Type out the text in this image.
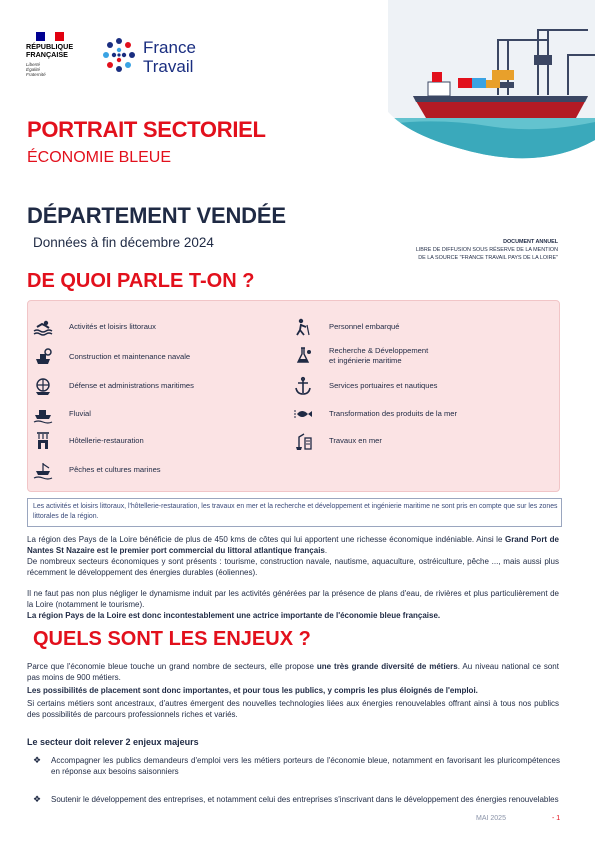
RÉPUBLIQUE
FRANÇAISE
Liberté
Égalité
Fraternité
France
Travail
PORTRAIT SECTORIEL
ÉCONOMIE BLEUE
DÉPARTEMENT VENDÉE
Données à fin décembre 2024	DOCUMENT ANNUEL
LIBRE DE DIFFUSION SOUS RÉSERVE DE LA MENTION
DE LA SOURCE "FRANCE TRAVAIL PAYS DE LA LOIRE"
DE QUOI PARLE T-ON ?
Activités et loisirs littoraux
Construction et maintenance navale
Défense et administrations maritimes
Fluvial
Hôtellerie-restauration
Pêches et cultures marines
Personnel embarqué
Recherche & Développement
et ingénierie maritime
Services portuaires et nautiques
Transformation des produits de la mer
Travaux en mer
Les activités et loisirs littoraux, l'hôtellerie-restauration, les travaux en mer et la recherche et développement et ingénierie maritime ne sont pris en compte que sur les zones littorales de la région.
La région des Pays de la Loire bénéficie de plus de 450 kms de côtes qui lui apportent une richesse économique indéniable. Ainsi le Grand Port de Nantes St Nazaire est le premier port commercial du littoral atlantique français.
De nombreux secteurs économiques y sont présents : tourisme, construction navale, nautisme, aquaculture, ostréiculture, pêche ..., mais aussi plus récemment le développement des énergies durables (éoliennes).
Il ne faut pas non plus négliger le dynamisme induit par les activités générées par la présence de plans d'eau, de rivières et plus particulièrement de la Loire (notamment le tourisme).
La région Pays de la Loire est donc incontestablement une actrice importante de l'économie bleue française.
QUELS SONT LES ENJEUX ?
Parce que l'économie bleue touche un grand nombre de secteurs, elle propose une très grande diversité de métiers. Au niveau national ce sont pas moins de 900 métiers.
Les possibilités de placement sont donc importantes, et pour tous les publics, y compris les plus éloignés de l'emploi.
Si certains métiers sont ancestraux, d'autres émergent des nouvelles technologies liées aux énergies renouvelables offrant ainsi à tous nos publics des possibilités de parcours professionnels riches et variés.
Le secteur doit relever 2 enjeux majeurs
❖	Accompagner les publics demandeurs d'emploi vers les métiers porteurs de l'économie bleue, notamment en favorisant les pluricompétences en réponse aux besoins saisonniers
❖	Soutenir le développement des entreprises, et notamment celui des entreprises s'inscrivant dans le développement des énergies renouvelables
MAI 2025	- 1
